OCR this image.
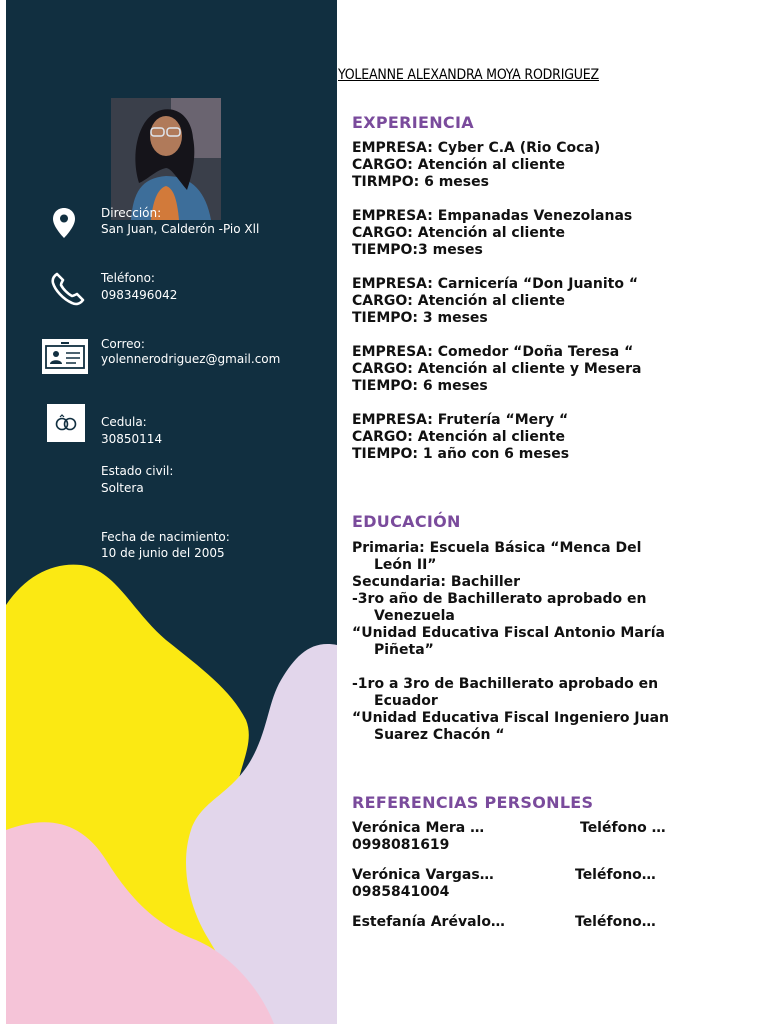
Dirección:
San Juan, Calderón -Pio Xll
Teléfono:
0983496042
Correo:
yolennerodriguez@gmail.com
Cedula:
30850114
Estado civil:
Soltera
Fecha de nacimiento:
10 de junio del 2005
YOLEANNE ALEXANDRA MOYA RODRIGUEZ
EXPERIENCIA
EMPRESA: Cyber C.A (Rio Coca)
CARGO: Atención al cliente
TIRMPO: 6 meses
EMPRESA: Empanadas Venezolanas
CARGO: Atención al cliente
TIEMPO:3 meses
EMPRESA: Carnicería “Don Juanito “
CARGO: Atención al cliente
TIEMPO: 3 meses
EMPRESA: Comedor “Doña Teresa “
CARGO: Atención al cliente y Mesera
TIEMPO: 6 meses
EMPRESA: Frutería “Mery “
CARGO: Atención al cliente
TIEMPO: 1 año con 6 meses
EDUCACIÓN
Primaria: Escuela Básica “Menca Del
León II”
Secundaria: Bachiller
-3ro año de Bachillerato aprobado en
Venezuela
“Unidad Educativa Fiscal Antonio María
Piñeta”
-1ro a 3ro de Bachillerato aprobado en
Ecuador
“Unidad Educativa Fiscal Ingeniero Juan
Suarez Chacón “
REFERENCIAS PERSONLES
Verónica Mera …	Teléfono …
0998081619
Verónica Vargas…	Teléfono…
0985841004
Estefanía Arévalo…	Teléfono…
